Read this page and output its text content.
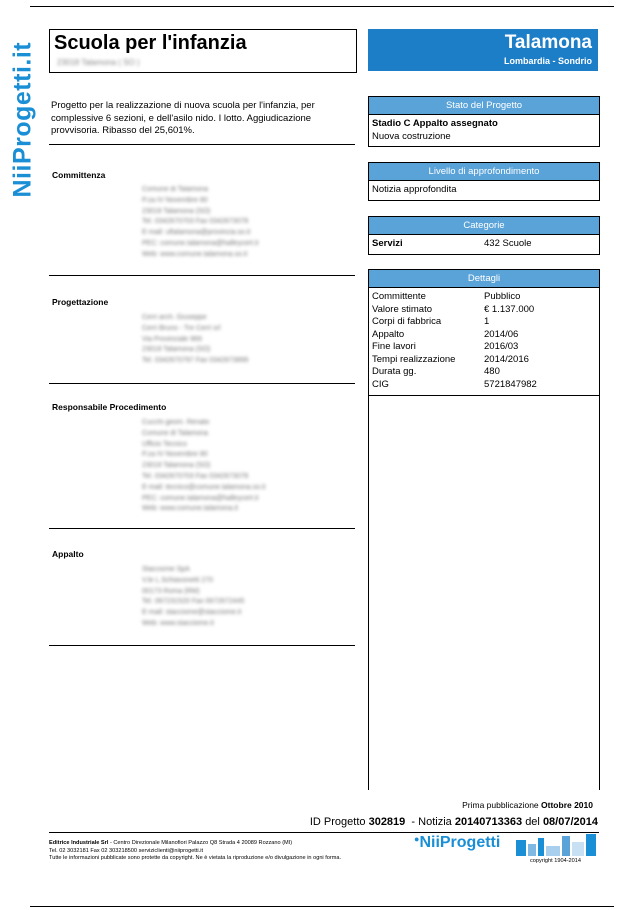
NiiProgetti.it Scuola per l'infanzia
23018 Talamona ( SO )
Talamona
Lombardia - Sondrio
Progetto per la realizzazione di nuova scuola per l'infanzia, per complessive 6 sezioni, e dell'asilo nido. I lotto. Aggiudicazione provvisoria. Ribasso del 25,601%.
Committenza
Comune di Talamona
P.za IV Novembre 80
23018 Talamona (SO)
Tel. 0342670703 Fax 0342673078
E-mail: uftalamona@provincia.so.it
PEC: comune.talamona@halleycert.it
Web: www.comune.talamona.so.it
Progettazione
Cerri arch. Giuseppe
Cerri Bruno - Tre Cerri srl
Via Provinciale 969
23018 Talamona (SO)
Tel. 0342670797 Fax 0342673899
Responsabile Procedimento
Cucchi geom. Renato
Comune di Talamona
Ufficio Tecnico
P.za IV Novembre 80
23018 Talamona (SO)
Tel. 0342670703 Fax 0342673078
E-mail: tecnico@comune.talamona.so.it
PEC: comune.talamona@halleycert.it
Web: www.comune.talamona.it
Appalto
Stacciome SpA
V.le L.Schiavonetti 270
00173 Roma (RM)
Tel. 067231520 Fax 0672672445
E-mail: stacciome@stacciome.it
Web: www.stacciome.it
Stato del Progetto
Stadio C Appalto assegnato
Nuova costruzione
Livello di approfondimento
Notizia approfondita
Categorie
Servizi	432 Scuole
Dettagli
Committente	Pubblico
Valore stimato	€ 1.137.000
Corpi di fabbrica	1
Appalto	2014/06
Fine lavori	2016/03
Tempi realizzazione	2014/2016
Durata gg.	480
CIG	5721847982
Prima pubblicazione Ottobre 2010
ID Progetto 302819 - Notizia 20140713363 del 08/07/2014
Editrice Industriale Srl - Centro Direzionale Milanofiori Palazzo Q8 Strada 4 20089 Rozzano (MI)
Tel. 02 3032181 Fax 02 303218500 serviziclienti@niiprogetti.it
Tutte le informazioni pubblicate sono protette da copyright. Ne è vietata la riproduzione e/o divulgazione in ogni forma.
●NiiProgetti
copyright 1904-2014
